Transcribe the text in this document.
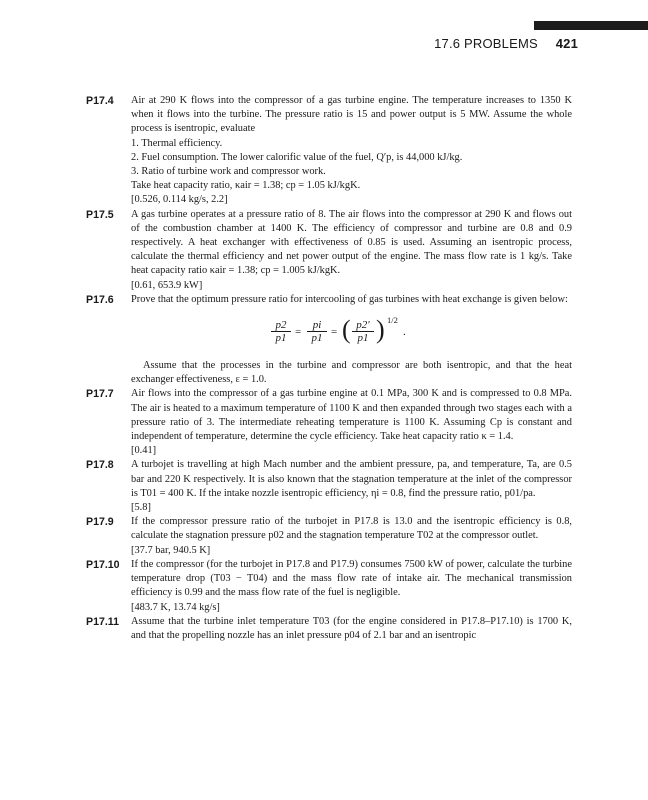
17.6 PROBLEMS 421
P17.4 Air at 290 K flows into the compressor of a gas turbine engine. The temperature increases to 1350 K when it flows into the turbine. The pressure ratio is 15 and power output is 5 MW. Assume the whole process is isentropic, evaluate
1. Thermal efficiency.
2. Fuel consumption. The lower calorific value of the fuel, Q′p, is 44,000 kJ/kg.
3. Ratio of turbine work and compressor work.
Take heat capacity ratio, κair = 1.38; cp = 1.05 kJ/kgK.
[0.526, 0.114 kg/s, 2.2]
P17.5 A gas turbine operates at a pressure ratio of 8. The air flows into the compressor at 290 K and flows out of the combustion chamber at 1400 K. The efficiency of compressor and turbine are 0.8 and 0.9 respectively. A heat exchanger with effectiveness of 0.85 is used. Assuming an isentropic process, calculate the thermal efficiency and net power output of the engine. The mass flow rate is 1 kg/s. Take heat capacity ratio κair = 1.38; cp = 1.005 kJ/kgK.
[0.61, 653.9 kW]
P17.6 Prove that the optimum pressure ratio for intercooling of gas turbines with heat exchange is given below:
$\frac{p2}{p1} = \frac{pi}{p1}$ = ( $\frac{p2'}{p1}$ ) 1/2
.
Assume that the processes in the turbine and compressor are both isentropic, and that the heat exchanger effectiveness, ε = 1.0.
P17.7 Air flows into the compressor of a gas turbine engine at 0.1 MPa, 300 K and is compressed to 0.8 MPa. The air is heated to a maximum temperature of 1100 K and then expanded through two stages each with a pressure ratio of 3. The intermediate reheating temperature is 1100 K. Assuming Cp is constant and independent of temperature, determine the cycle efficiency. Take heat capacity ratio κ = 1.4.
[0.41]
P17.8 A turbojet is travelling at high Mach number and the ambient pressure, pa, and temperature, Ta, are 0.5 bar and 220 K respectively. It is also known that the stagnation temperature at the inlet of the compressor is T01 = 400 K. If the intake nozzle isentropic efficiency, ηi = 0.8, find the pressure ratio, p01/pa.
[5.8]
P17.9 If the compressor pressure ratio of the turbojet in P17.8 is 13.0 and the isentropic efficiency is 0.8, calculate the stagnation pressure p02 and the stagnation temperature T02 at the compressor outlet.
[37.7 bar, 940.5 K]
P17.10 If the compressor (for the turbojet in P17.8 and P17.9) consumes 7500 kW of power, calculate the turbine temperature drop (T03 − T04) and the mass flow rate of intake air. The mechanical transmission efficiency is 0.99 and the mass flow rate of the fuel is negligible.
[483.7 K, 13.74 kg/s]
P17.11 Assume that the turbine inlet temperature T03 (for the engine considered in P17.8–P17.10) is 1700 K, and that the propelling nozzle has an inlet pressure p04 of 2.1 bar and an isentropic
